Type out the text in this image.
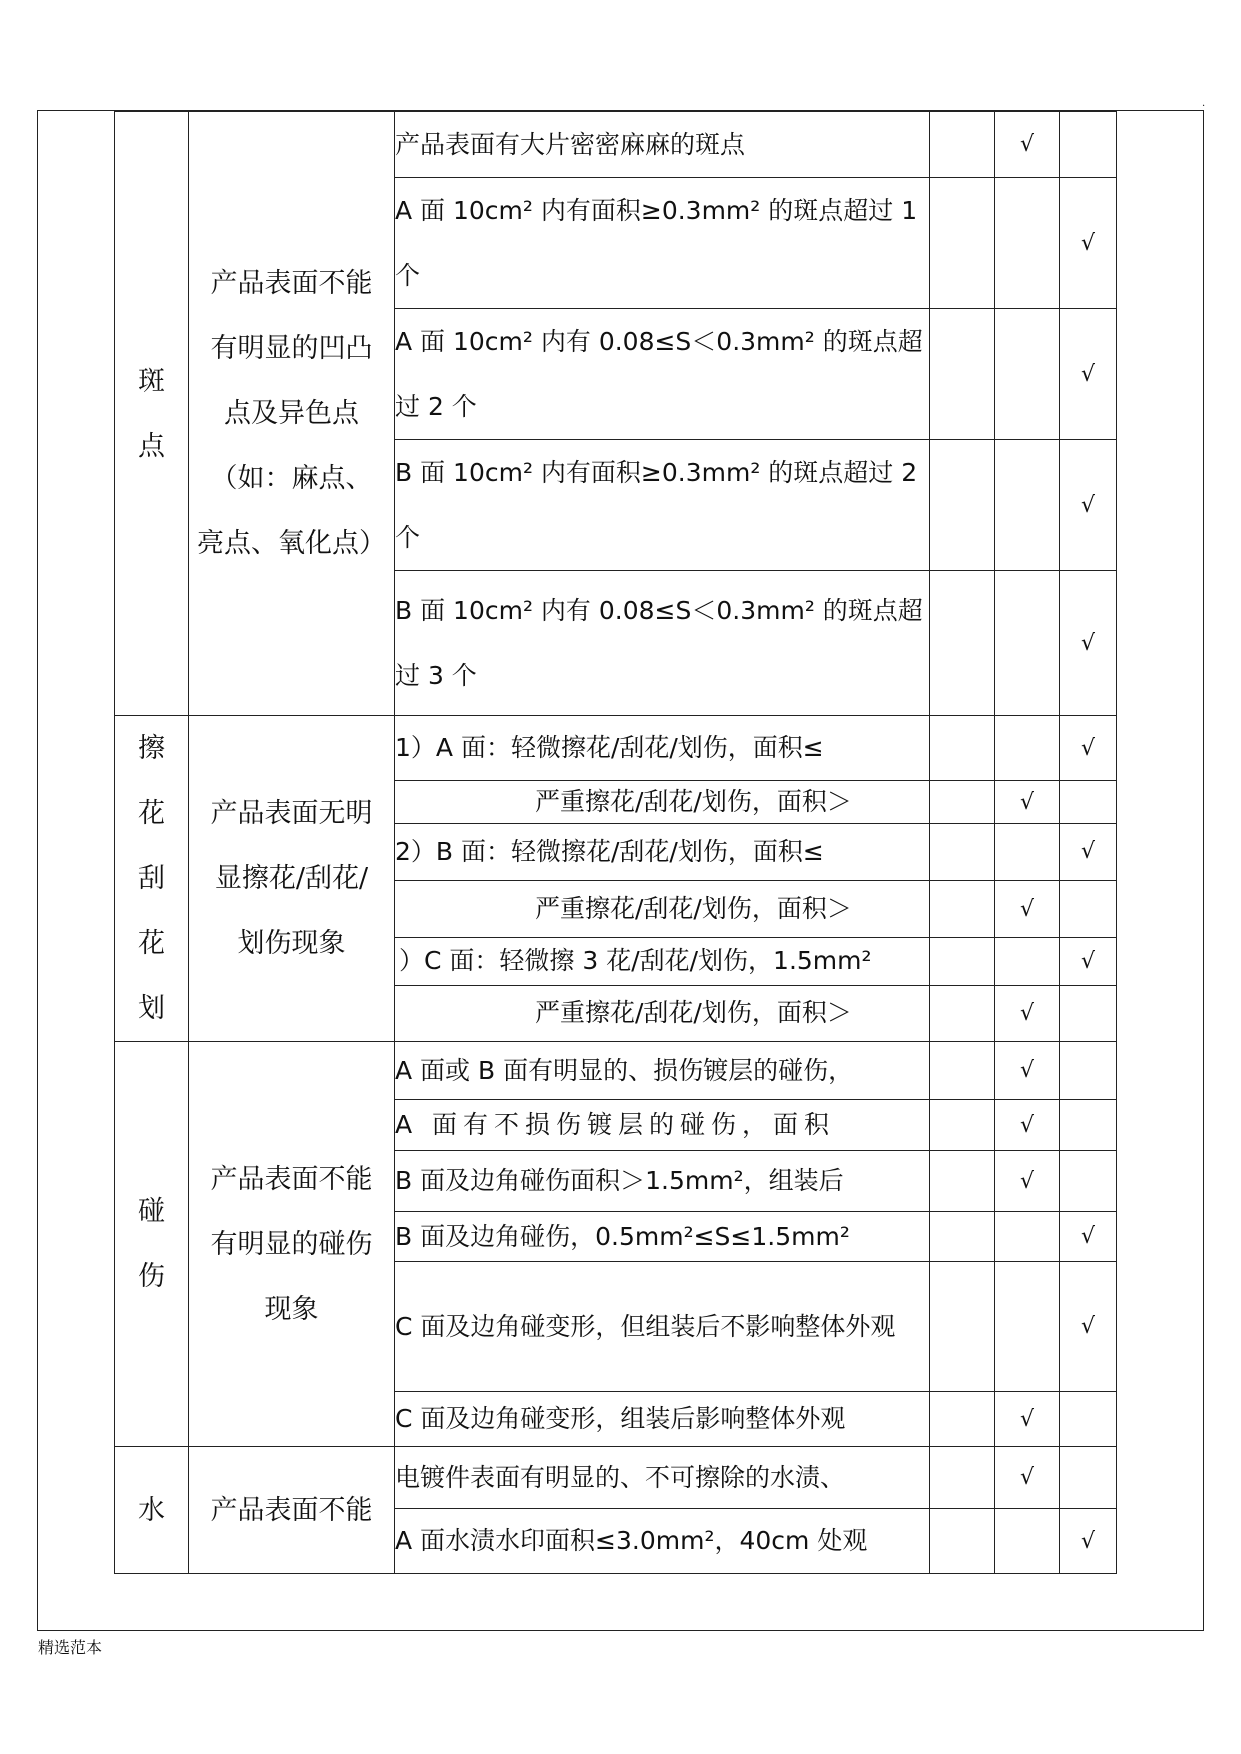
.
斑
点	产品表面不能
有明显的凹凸
点及异色点
（如：麻点、
亮点、氧化点）	产品表面有大片密密麻麻的斑点		√	
		A 面 10cm² 内有面积≥0.3mm² 的斑点超过 1 个			√
		A 面 10cm² 内有 0.08≤S＜0.3mm² 的斑点超过 2 个			√
		B 面 10cm² 内有面积≥0.3mm² 的斑点超过 2 个			√
		B 面 10cm² 内有 0.08≤S＜0.3mm² 的斑点超过 3 个			√

擦
花
刮
花
划	产品表面无明
显擦花/刮花/
划伤现象	1）A 面：轻微擦花/刮花/划伤，面积≤			√
		严重擦花/刮花/划伤，面积＞		√	
		2）B 面：轻微擦花/刮花/划伤，面积≤			√
		严重擦花/刮花/划伤，面积＞		√	
		）C 面：轻微擦 3 花/刮花/划伤，1.5mm²			√
		严重擦花/刮花/划伤，面积＞		√	

碰
伤	产品表面不能
有明显的碰伤
现象	A 面或 B 面有明显的、损伤镀层的碰伤，		√	
		A 面有不损伤镀层的碰伤，面积		√	
		B 面及边角碰伤面积＞1.5mm²，组装后		√	
		B 面及边角碰伤，0.5mm²≤S≤1.5mm²			√
		C 面及边角碰变形，但组装后不影响整体外观			√
		C 面及边角碰变形，组装后影响整体外观		√	

水	产品表面不能	电镀件表面有明显的、不可擦除的水渍、		√	
		A 面水渍水印面积≤3.0mm²，40cm 处观			√
精选范本
